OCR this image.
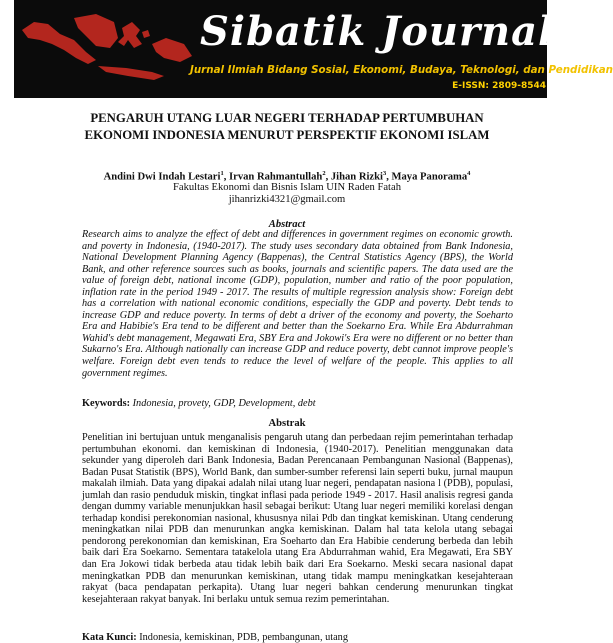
Sibatik Journal
Jurnal Ilmiah Bidang Sosial, Ekonomi, Budaya, Teknologi, dan Pendidikan
E-ISSN: 2809-8544
PENGARUH UTANG LUAR NEGERI TERHADAP PERTUMBUHAN EKONOMI INDONESIA MENURUT PERSPEKTIF EKONOMI ISLAM

Andini Dwi Indah Lestari$^1$, Irvan Rahmantullah$^2$, Jihan Rizki$^3$, Maya Panorama$^4$

Fakultas Ekonomi dan Bisnis Islam UIN Raden Fatah

jihanrizki4321@gmail.com

Abstract

Research aims to analyze the effect of debt and differences in government regimes on economic growth. and poverty in Indonesia, (1940-2017). The study uses secondary data obtained from Bank Indonesia, National Development Planning Agency (Bappenas), the Central Statistics Agency (BPS), the World Bank, and other reference sources such as books, journals and scientific papers. The data used are the value of foreign debt, national income (GDP), population, number and ratio of the poor population, inflation rate in the period 1949 - 2017. The results of multiple regression analysis show: Foreign debt has a correlation with national economic conditions, especially the GDP and poverty. Debt tends to increase GDP and reduce poverty. In terms of debt a driver of the economy and poverty, the Soeharto Era and Habibie's Era tend to be different and better than the Soekarno Era. While Era Abdurrahman Wahid's debt management, Megawati Era, SBY Era and Jokowi's Era were no different or no better than Sukarno's Era. Although nationally can increase GDP and reduce poverty, debt cannot improve people's welfare. Foreign debt even tends to reduce the level of welfare of the people. This applies to all government regimes.

Keywords: Indonesia, provety, GDP, Development, debt

Abstrak

Penelitian ini bertujuan untuk menganalisis pengaruh utang dan perbedaan rejim pemerintahan terhadap pertumbuhan ekonomi. dan kemiskinan di Indonesia, (1940-2017). Penelitian menggunakan data sekunder yang diperoleh dari Bank Indonesia, Badan Perencanaan Pembangunan Nasional (Bappenas), Badan Pusat Statistik (BPS), World Bank, dan sumber-sumber referensi lain seperti buku, jurnal maupun makalah ilmiah. Data yang dipakai adalah nilai utang luar negeri, pendapatan nasiona l (PDB), populasi, jumlah dan rasio penduduk miskin, tingkat inflasi pada periode 1949 - 2017. Hasil analisis regresi ganda dengan dummy variable menunjukkan hasil sebagai berikut: Utang luar negeri memiliki korelasi dengan terhadap kondisi perekonomian nasional, khususnya nilai Pdb dan tingkat kemiskinan. Utang cenderung meningkatkan nilai PDB dan menurunkan angka kemiskinan. Dalam hal tata kelola utang sebagai pendorong perekonomian dan kemiskinan, Era Soeharto dan Era Habibie cenderung berbeda dan lebih baik dari Era Soekarno. Sementara tatakelola utang Era Abdurrahman wahid, Era Megawati, Era SBY dan Era Jokowi tidak berbeda atau tidak lebih baik dari Era Soekarno. Meski secara nasional dapat meningkatkan PDB dan menurunkan kemiskinan, utang tidak mampu meningkatkan kesejahteraan rakyat (baca pendapatan perkapita). Utang luar negeri bahkan cenderung menurunkan tingkat kesejahteraan rakyat banyak. Ini berlaku untuk semua rezim pemerintahan.

Kata Kunci: Indonesia, kemiskinan, PDB, pembangunan, utang
